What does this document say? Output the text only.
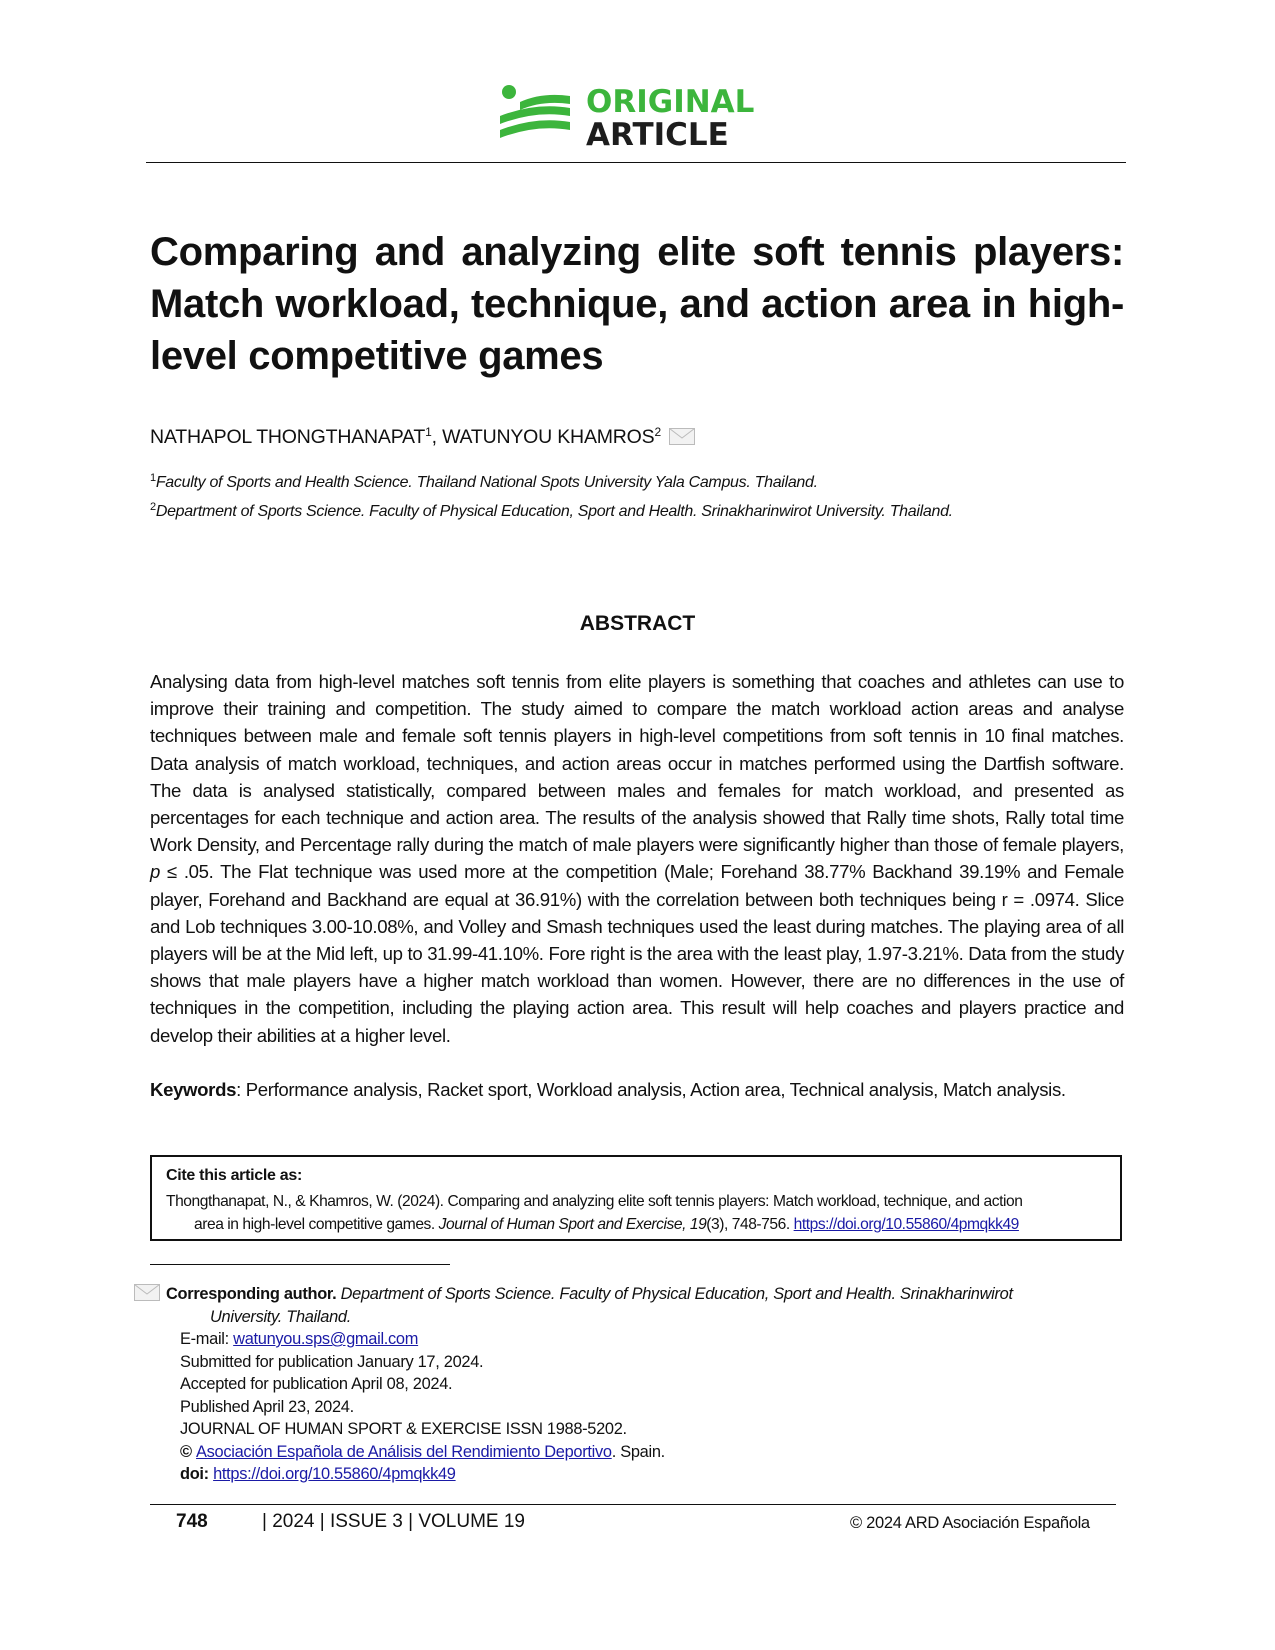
ORIGINAL
ARTICLE
Comparing and analyzing elite soft tennis players: Match workload, technique, and action area in high-level competitive games
NATHAPOL THONGTHANAPAT$^1$, WATUNYOU KHAMROS$^2$
$^1$Faculty of Sports and Health Science. Thailand National Spots University Yala Campus. Thailand.
$^2$Department of Sports Science. Faculty of Physical Education, Sport and Health. Srinakharinwirot University. Thailand.
ABSTRACT

Analysing data from high-level matches soft tennis from elite players is something that coaches and athletes can use to improve their training and competition. The study aimed to compare the match workload action areas and analyse techniques between male and female soft tennis players in high-level competitions from soft tennis in 10 final matches. Data analysis of match workload, techniques, and action areas occur in matches performed using the Dartfish software. The data is analysed statistically, compared between males and females for match workload, and presented as percentages for each technique and action area. The results of the analysis showed that Rally time shots, Rally total time Work Density, and Percentage rally during the match of male players were significantly higher than those of female players, p ≤ .05. The Flat technique was used more at the competition (Male; Forehand 38.77% Backhand 39.19% and Female player, Forehand and Backhand are equal at 36.91%) with the correlation between both techniques being r = .0974. Slice and Lob techniques 3.00-10.08%, and Volley and Smash techniques used the least during matches. The playing area of all players will be at the Mid left, up to 31.99-41.10%. Fore right is the area with the least play, 1.97-3.21%. Data from the study shows that male players have a higher match workload than women. However, there are no differences in the use of techniques in the competition, including the playing action area. This result will help coaches and players practice and develop their abilities at a higher level.

Keywords: Performance analysis, Racket sport, Workload analysis, Action area, Technical analysis, Match analysis.

Cite this article as:
Thongthanapat, N., & Khamros, W. (2024). Comparing and analyzing elite soft tennis players: Match workload, technique, and action
area in high-level competitive games. Journal of Human Sport and Exercise, 19(3), 748-756. https://doi.org/10.55860/4pmqkk49
Corresponding author. Department of Sports Science. Faculty of Physical Education, Sport and Health. Srinakharinwirot
University. Thailand.
E-mail: watunyou.sps@gmail.com
Submitted for publication January 17, 2024.
Accepted for publication April 08, 2024.
Published April 23, 2024.
JOURNAL OF HUMAN SPORT & EXERCISE ISSN 1988-5202.
© Asociación Española de Análisis del Rendimiento Deportivo. Spain.
doi: https://doi.org/10.55860/4pmqkk49
748	| 2024 | ISSUE 3 | VOLUME 19	© 2024 ARD Asociación Española
